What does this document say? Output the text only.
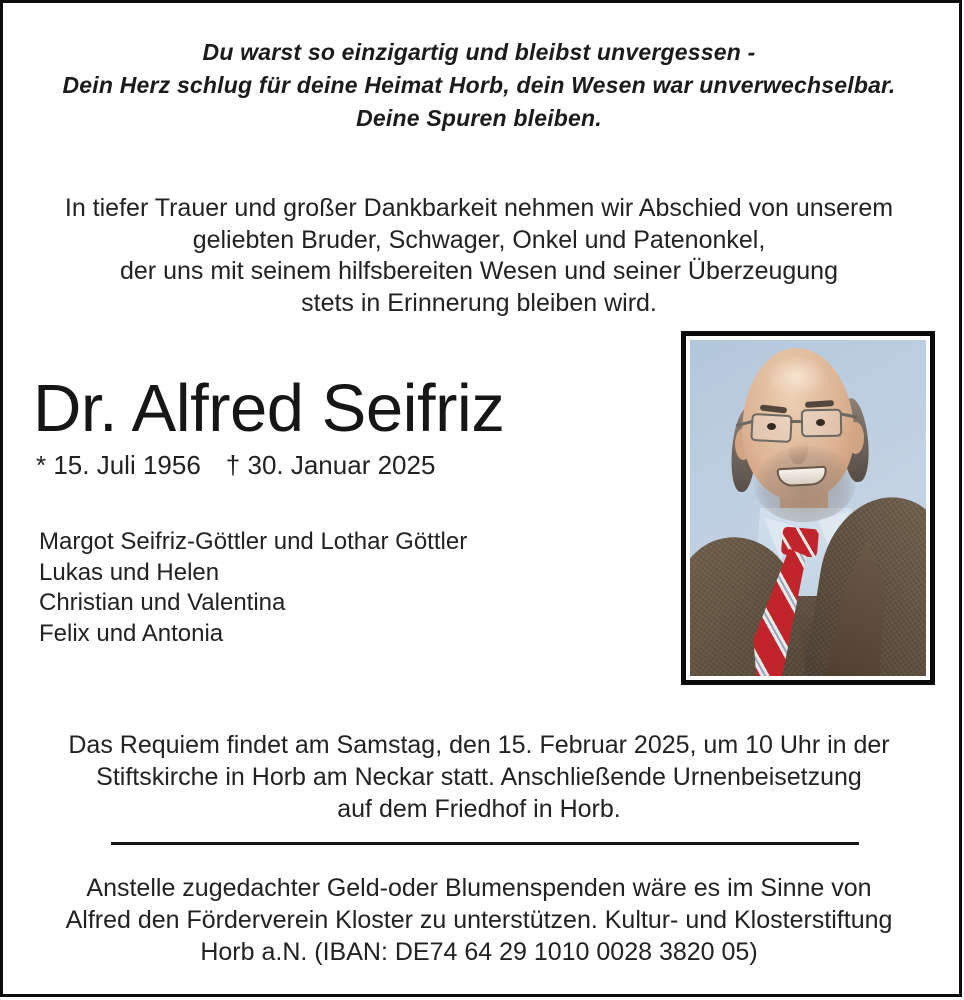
Du warst so einzigartig und bleibst unvergessen -
Dein Herz schlug für deine Heimat Horb, dein Wesen war unverwechselbar.
Deine Spuren bleiben.
In tiefer Trauer und großer Dankbarkeit nehmen wir Abschied von unserem
geliebten Bruder, Schwager, Onkel und Patenonkel,
der uns mit seinem hilfsbereiten Wesen und seiner Überzeugung
stets in Erinnerung bleiben wird.
Dr. Alfred Seifriz
* 15. Juli 1956 † 30. Januar 2025
Margot Seifriz-Göttler und Lothar Göttler
Lukas und Helen
Christian und Valentina
Felix und Antonia
Das Requiem findet am Samstag, den 15. Februar 2025, um 10 Uhr in der
Stiftskirche in Horb am Neckar statt. Anschließende Urnenbeisetzung
auf dem Friedhof in Horb.
Anstelle zugedachter Geld-oder Blumenspenden wäre es im Sinne von
Alfred den Förderverein Kloster zu unterstützen. Kultur- und Klosterstiftung
Horb a.N. (IBAN: DE74 64 29 1010 0028 3820 05)
